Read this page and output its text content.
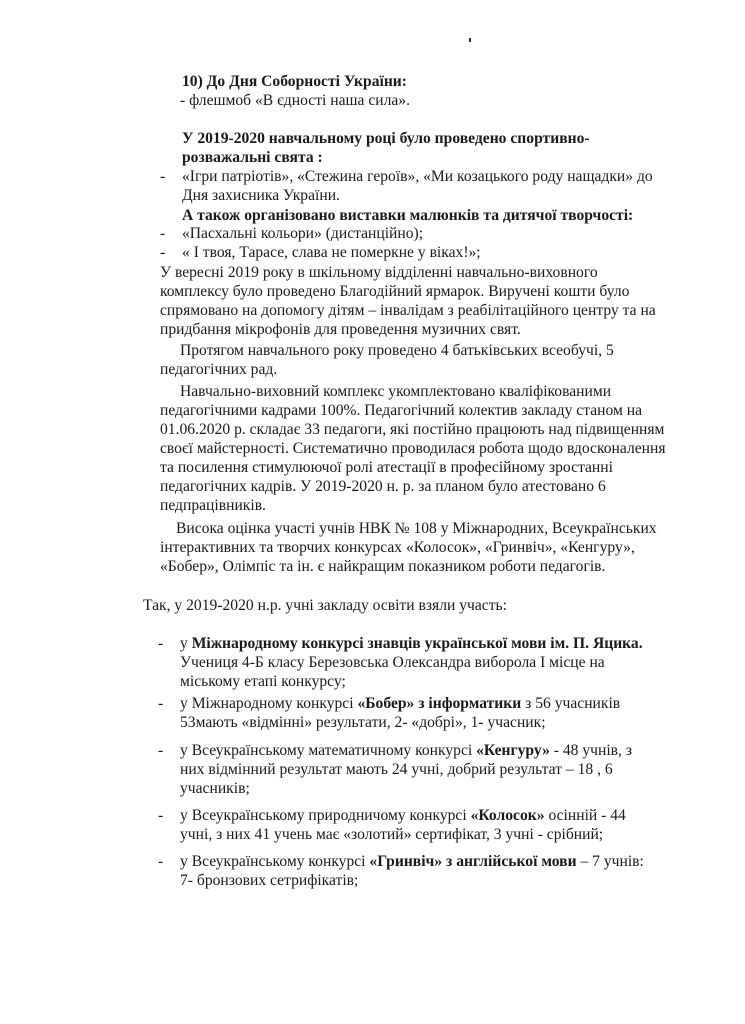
10) До Дня Соборності України:
- флешмоб «В єдності наша сила».
У 2019-2020 навчальному році було проведено спортивно-
розважальні свята :
- «Ігри патріотів», «Стежина героїв», «Ми козацького роду нащадки» до
Дня захисника України.
А також організовано виставки малюнків та дитячої творчості:
- «Пасхальні кольори» (дистанційно);
- « І твоя, Тарасе, слава не померкне у віках!»;
У вересні 2019 року в шкільному відділенні навчально-виховного
комплексу було проведено Благодійний ярмарок. Виручені кошти було
спрямовано на допомогу дітям – інвалідам з реабілітаційного центру та на
придбання мікрофонів для проведення музичних свят.
Протягом навчального року проведено 4 батьківських всеобучі, 5
педагогічних рад.
Навчально-виховний комплекс укомплектовано кваліфікованими
педагогічними кадрами 100%. Педагогічний колектив закладу станом на
01.06.2020 р. складає 33 педагоги, які постійно працюють над підвищенням
своєї майстерності. Систематично проводилася робота щодо вдосконалення
та посилення стимулюючої ролі атестації в професійному зростанні
педагогічних кадрів. У 2019-2020 н. р. за планом було атестовано 6
педпрацівників.
Висока оцінка участі учнів НВК № 108 у Міжнародних, Всеукраїнських
інтерактивних та творчих конкурсах «Колосок», «Гринвіч», «Кенгуру»,
«Бобер», Олімпіс та ін. є найкращим показником роботи педагогів.
Так, у 2019-2020 н.р. учні закладу освіти взяли участь:
- у Міжнародному конкурсі знавців української мови ім. П. Яцика.
Учениця 4-Б класу Березовська Олександра виборола І місце на
міському етапі конкурсу;
- у Міжнародному конкурсі «Бобер» з інформатики з 56 учасників
53мають «відмінні» результати, 2- «добрі», 1- учасник;
- у Всеукраїнському математичному конкурсі «Кенгуру» - 48 учнів, з
них відмінний результат мають 24 учні, добрий результат – 18 , 6
учасників;
- у Всеукраїнському природничому конкурсі «Колосок» осінній - 44
учні, з них 41 учень має «золотий» сертифікат, 3 учні - срібний;
- у Всеукраїнському конкурсі «Гринвіч» з англійської мови – 7 учнів:
7- бронзових сетрифікатів;
